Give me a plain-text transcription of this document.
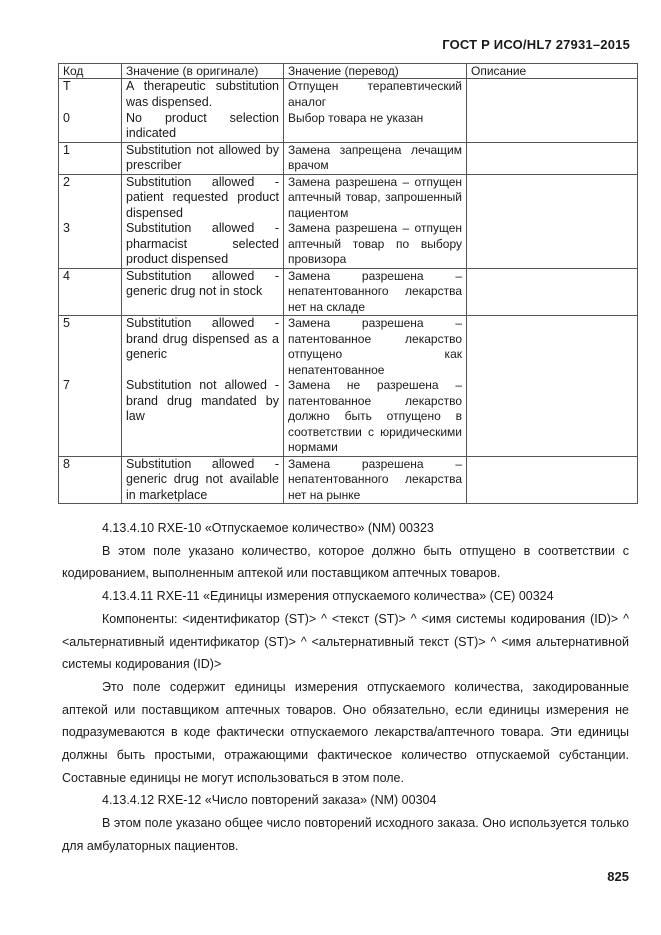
ГОСТ Р ИСО/HL7 27931–2015
Код	Значение (в оригинале)	Значение (перевод)	Описание
T	A therapeutic substitution was dispensed.	Отпущен терапевтический аналог	
0	No product selection indicated	Выбор товара не указан	
1	Substitution not allowed by prescriber	Замена запрещена лечащим врачом	
2	Substitution allowed - patient requested product dispensed	Замена разрешена – отпущен аптечный товар, запрошенный пациентом	
3	Substitution allowed - pharmacist selected product dispensed	Замена разрешена – отпущен аптечный товар по выбору провизора	
4	Substitution allowed - generic drug not in stock	Замена разрешена – непатентованного лекарства нет на складе	
5	Substitution allowed - brand drug dispensed as a generic	Замена разрешена – патентованное лекарство отпущено как непатентованное	
7	Substitution not allowed - brand drug mandated by law	Замена не разрешена – патентованное лекарство должно быть отпущено в соответствии с юридическими нормами	
8	Substitution allowed - generic drug not available in marketplace	Замена разрешена – непатентованного лекарства нет на рынке	

4.13.4.10 RXE-10 «Отпускаемое количество» (NM) 00323

В этом поле указано количество, которое должно быть отпущено в соответствии с кодированием, выполненным аптекой или поставщиком аптечных товаров.

4.13.4.11 RXE-11 «Единицы измерения отпускаемого количества» (CE) 00324

Компоненты: <идентификатор (ST)> ^ <текст (ST)> ^ <имя системы кодирования (ID)> ^ <альтернативный идентификатор (ST)> ^ <альтернативный текст (ST)> ^ <имя альтернативной системы кодирования (ID)>

Это поле содержит единицы измерения отпускаемого количества, закодированные аптекой или поставщиком аптечных товаров. Оно обязательно, если единицы измерения не подразумеваются в коде фактически отпускаемого лекарства/аптечного товара. Эти единицы должны быть простыми, отражающими фактическое количество отпускаемой субстанции. Составные единицы не могут использоваться в этом поле.

4.13.4.12 RXE-12 «Число повторений заказа» (NM) 00304

В этом поле указано общее число повторений исходного заказа. Оно используется только для амбулаторных пациентов.

825
